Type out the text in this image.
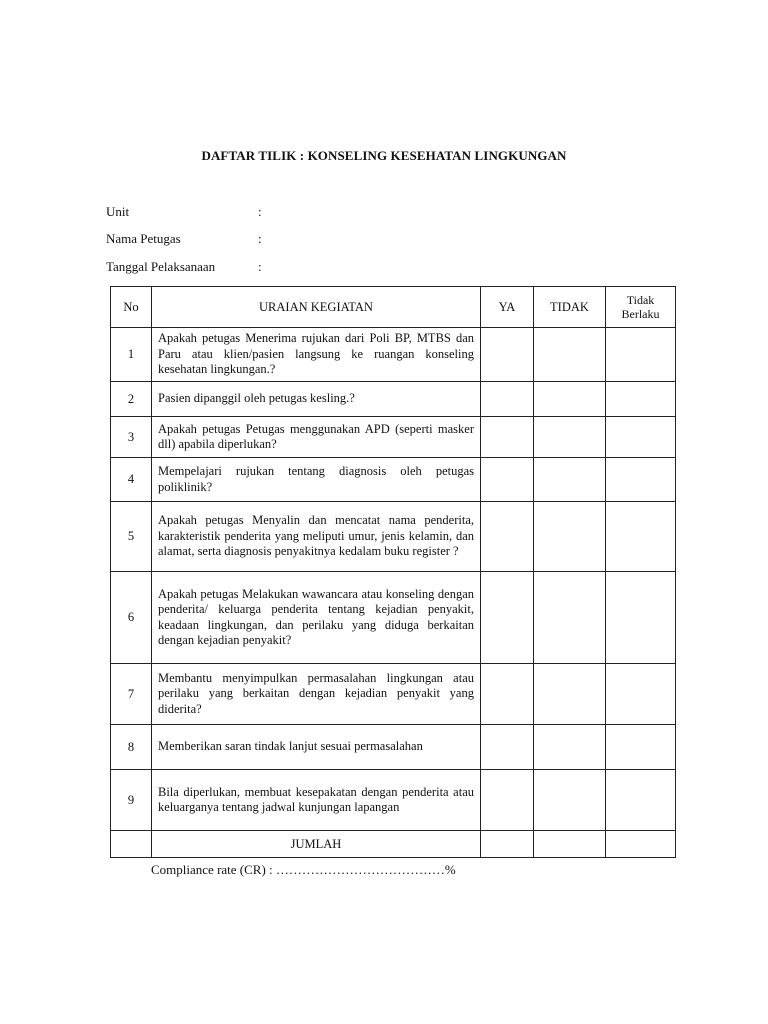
DAFTAR TILIK : KONSELING KESEHATAN LINGKUNGAN
Unit	:
Nama Petugas	:
Tanggal Pelaksanaan	:
No	URAIAN KEGIATAN	YA	TIDAK	Tidak
Berlaku

1	Apakah petugas Menerima rujukan dari Poli BP, MTBS dan Paru atau klien/pasien langsung ke ruangan konseling kesehatan lingkungan.?			
2	Pasien dipanggil oleh petugas kesling.?			
3	Apakah petugas Petugas menggunakan APD (seperti masker dll) apabila diperlukan?			
4	Mempelajari rujukan tentang diagnosis oleh petugas poliklinik?			
5	Apakah petugas Menyalin dan mencatat nama penderita, karakteristik penderita yang meliputi umur, jenis kelamin, dan alamat, serta diagnosis penyakitnya kedalam buku register ?			
6	Apakah petugas Melakukan wawancara atau konseling dengan penderita/ keluarga penderita tentang kejadian penyakit, keadaan lingkungan, dan perilaku yang diduga berkaitan dengan kejadian penyakit?			
7	Membantu menyimpulkan permasalahan lingkungan atau perilaku yang berkaitan dengan kejadian penyakit yang diderita?			
8	Memberikan saran tindak lanjut sesuai permasalahan			
9	Bila diperlukan, membuat kesepakatan dengan penderita atau keluarganya tentang jadwal kunjungan lapangan			
	JUMLAH			
Compliance rate (CR) : …………………………………%
